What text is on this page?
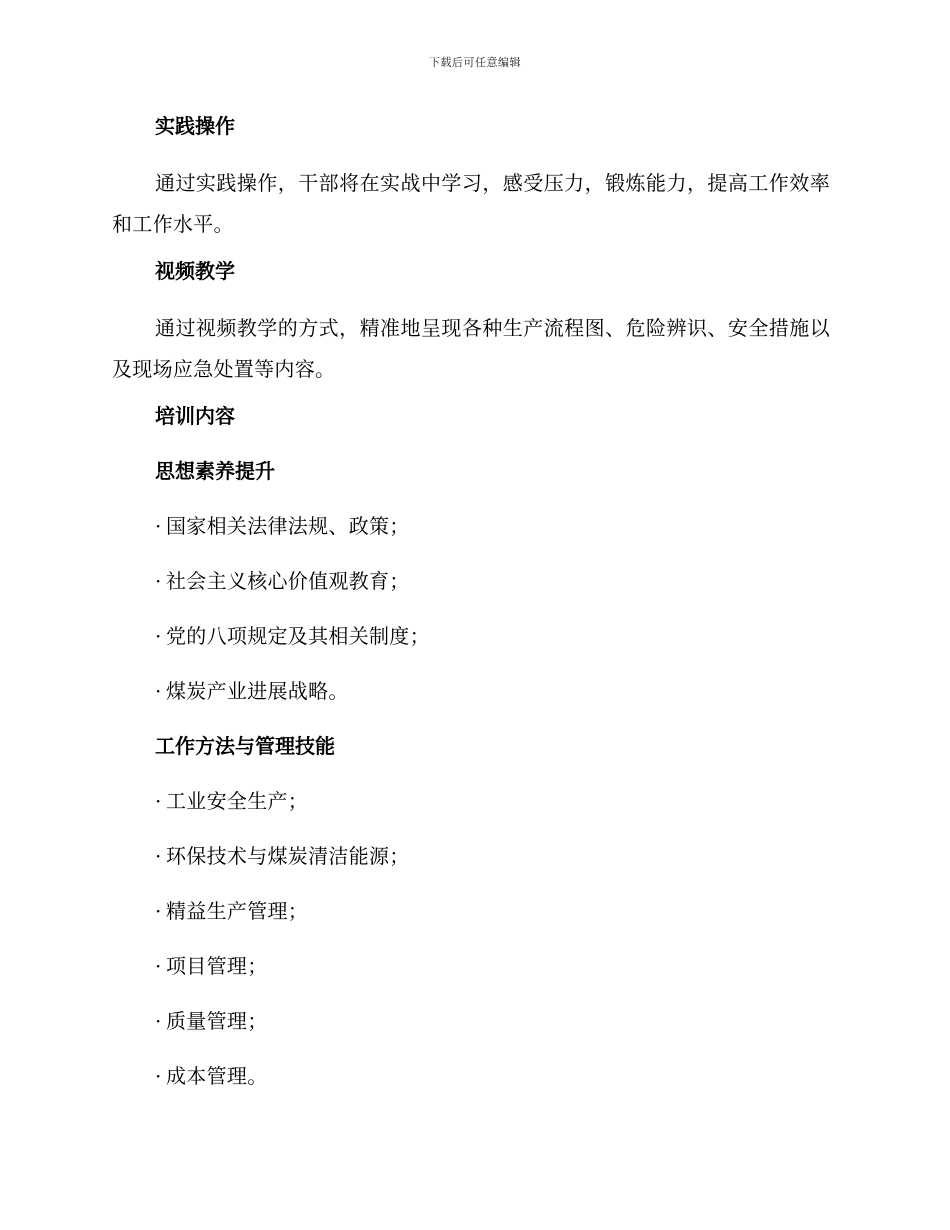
下载后可任意编辑
实践操作
通过实践操作，干部将在实战中学习，感受压力，锻炼能力，提高工作效率和工作水平。
视频教学
通过视频教学的方式，精准地呈现各种生产流程图、危险辨识、安全措施以及现场应急处置等内容。
培训内容
思想素养提升
· 国家相关法律法规、政策；
· 社会主义核心价值观教育；
· 党的八项规定及其相关制度；
· 煤炭产业进展战略。
工作方法与管理技能
· 工业安全生产；
· 环保技术与煤炭清洁能源；
· 精益生产管理；
· 项目管理；
· 质量管理；
· 成本管理。
